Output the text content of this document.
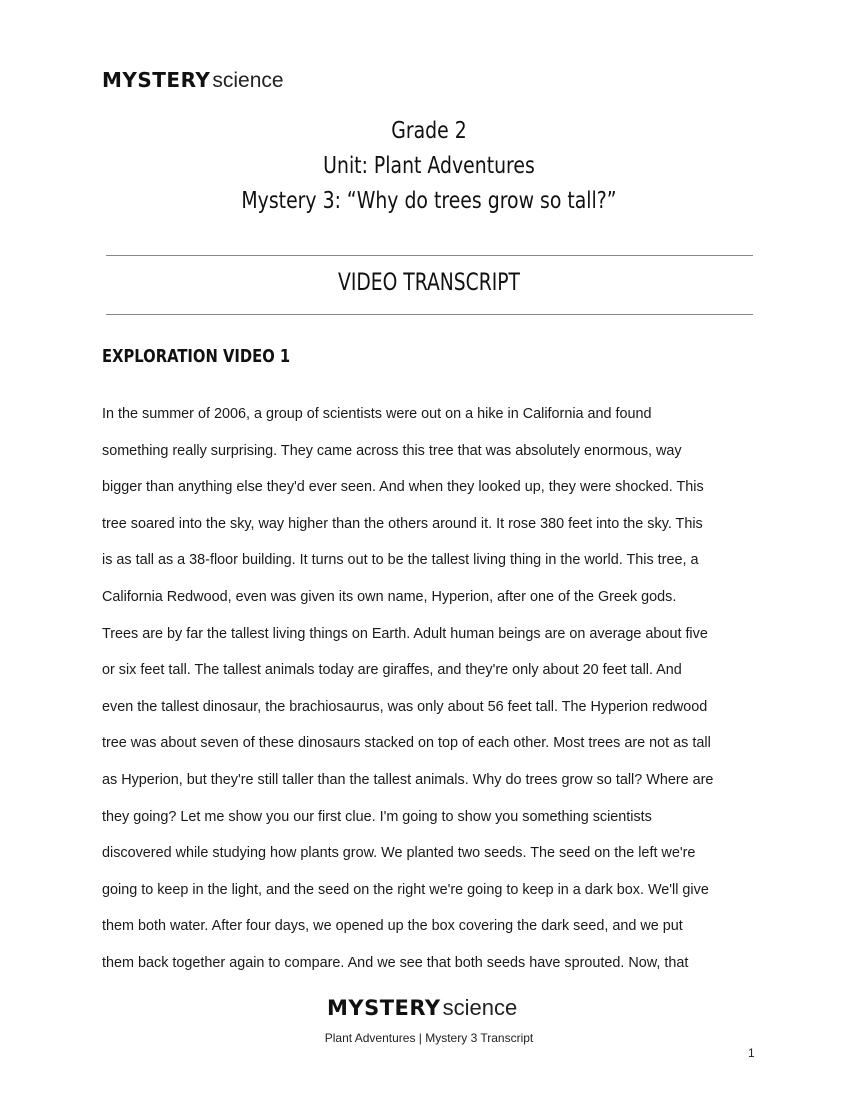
MYSTERY science
Grade 2
Unit: Plant Adventures
Mystery 3: “Why do trees grow so tall?”
VIDEO TRANSCRIPT
EXPLORATION VIDEO 1
In the summer of 2006, a group of scientists were out on a hike in California and found
something really surprising. They came across this tree that was absolutely enormous, way
bigger than anything else they'd ever seen. And when they looked up, they were shocked. This
tree soared into the sky, way higher than the others around it. It rose 380 feet into the sky. This
is as tall as a 38-floor building. It turns out to be the tallest living thing in the world. This tree, a
California Redwood, even was given its own name, Hyperion, after one of the Greek gods.
Trees are by far the tallest living things on Earth. Adult human beings are on average about five
or six feet tall. The tallest animals today are giraffes, and they're only about 20 feet tall. And
even the tallest dinosaur, the brachiosaurus, was only about 56 feet tall. The Hyperion redwood
tree was about seven of these dinosaurs stacked on top of each other. Most trees are not as tall
as Hyperion, but they're still taller than the tallest animals. Why do trees grow so tall? Where are
they going? Let me show you our first clue. I'm going to show you something scientists
discovered while studying how plants grow. We planted two seeds. The seed on the left we're
going to keep in the light, and the seed on the right we're going to keep in a dark box. We'll give
them both water. After four days, we opened up the box covering the dark seed, and we put
them back together again to compare. And we see that both seeds have sprouted. Now, that
MYSTERY science
Plant Adventures | Mystery 3 Transcript
1
